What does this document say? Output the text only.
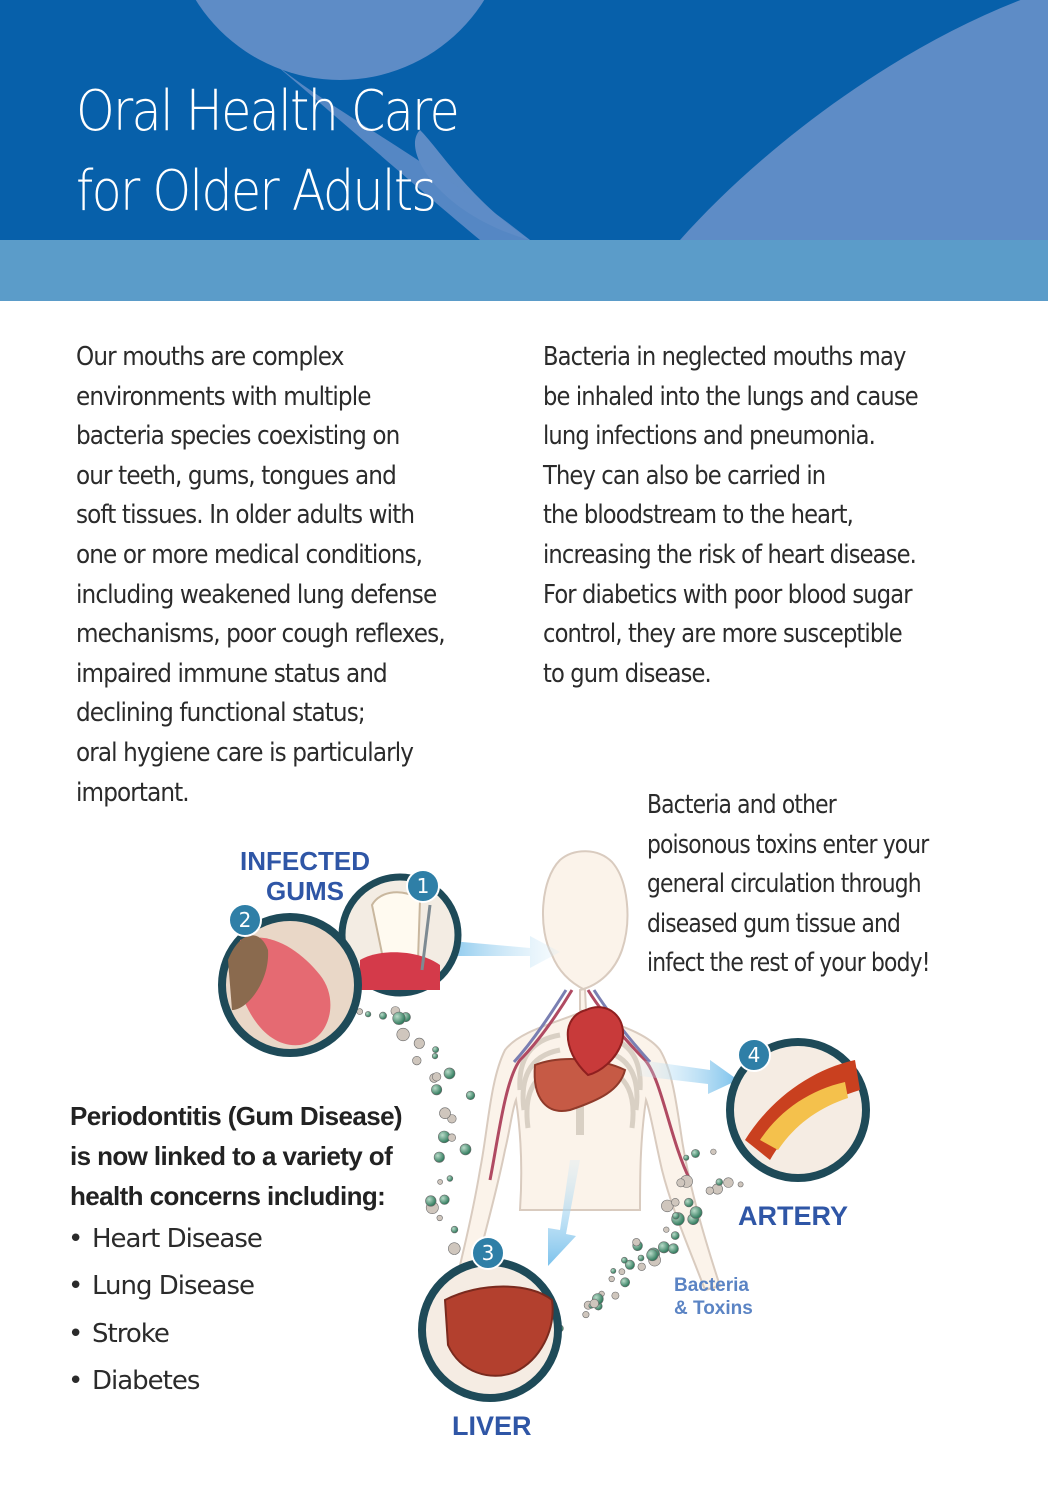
Oral Health Care
for Older Adults

Our mouths are complex
environments with multiple
bacteria species coexisting on
our teeth, gums, tongues and
soft tissues. In older adults with
one or more medical conditions,
including weakened lung defense
mechanisms, poor cough reflexes,
impaired immune status and
declining functional status;
oral hygiene care is particularly
important.

Bacteria in neglected mouths may
be inhaled into the lungs and cause
lung infections and pneumonia.
They can also be carried in
the bloodstream to the heart,
increasing the risk of heart disease.
For diabetics with poor blood sugar
control, they are more susceptible
to gum disease.

Bacteria and other
poisonous toxins enter your
general circulation through
diseased gum tissue and
infect the rest of your body!

INFECTED
GUMS

ARTERY

LIVER

Bacteria
& Toxins

1
2
3
4

Periodontitis (Gum Disease)
is now linked to a variety of
health concerns including:

• Heart Disease
• Lung Disease
• Stroke
• Diabetes
